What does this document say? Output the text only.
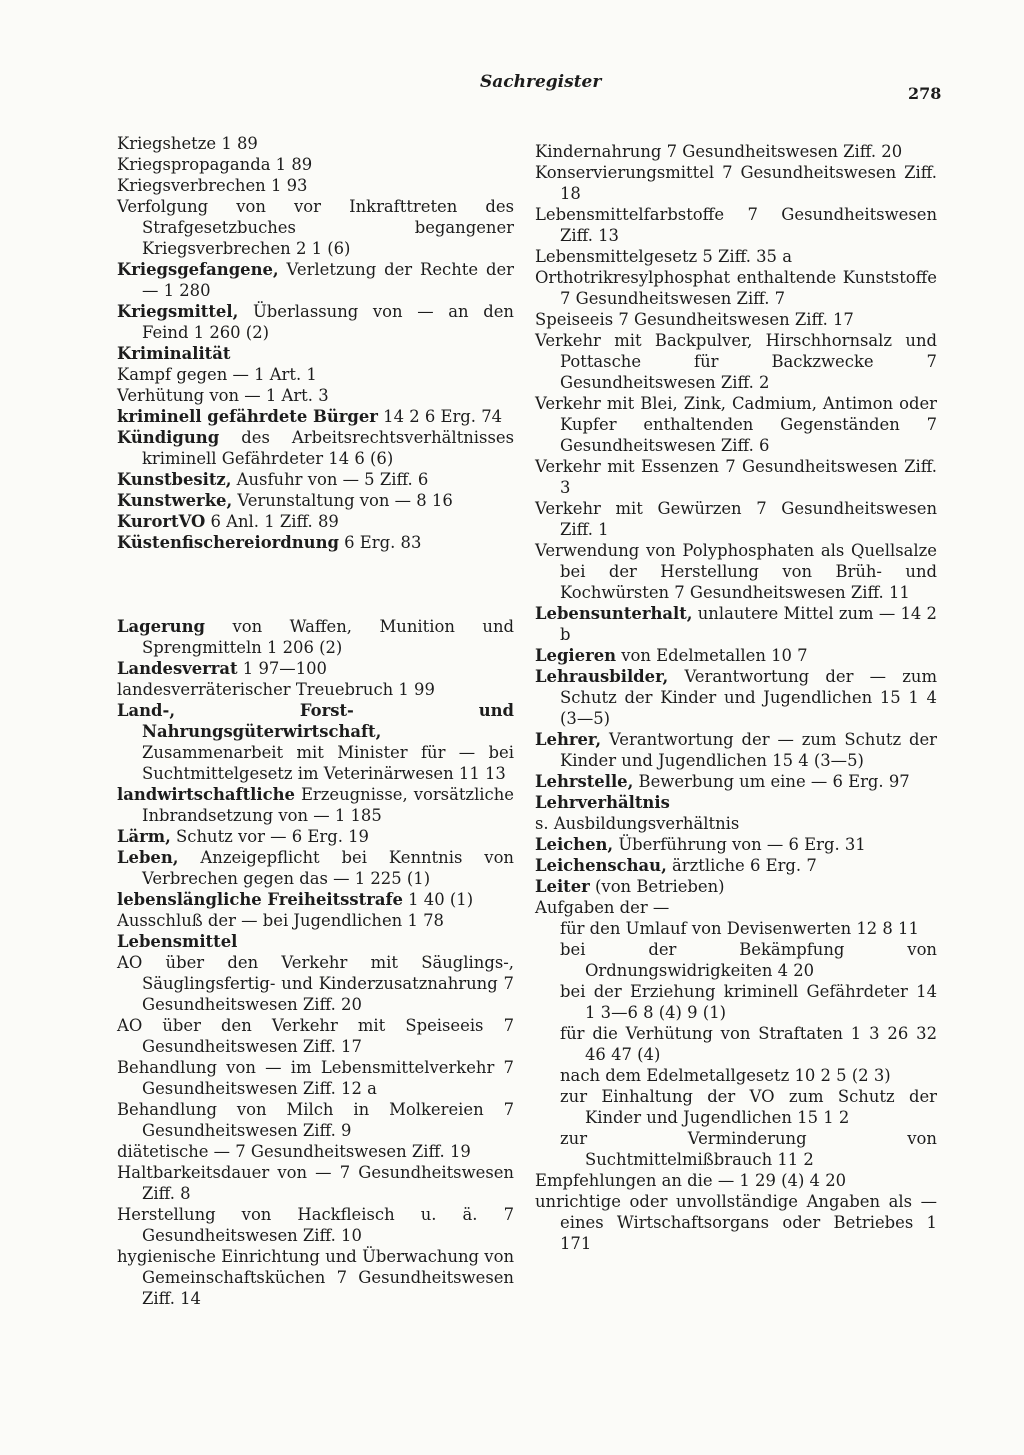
Sachregister
278

Kriegshetze 1 89

Kriegspropaganda 1 89

Kriegsverbrechen 1 93

Verfolgung von vor Inkrafttreten des Strafgesetzbuches begangener Kriegsverbrechen 2 1 (6)

Kriegsgefangene, Verletzung der Rechte der — 1 280

Kriegsmittel, Überlassung von — an den Feind 1 260 (2)

Kriminalität

Kampf gegen — 1 Art. 1

Verhütung von — 1 Art. 3

kriminell gefährdete Bürger 14 2 6 Erg. 74

Kündigung des Arbeitsrechtsverhältnisses kriminell Gefährdeter 14 6 (6)

Kunstbesitz, Ausfuhr von — 5 Ziff. 6

Kunstwerke, Verunstaltung von — 8 16

KurortVO 6 Anl. 1 Ziff. 89

Küstenfischereiordnung 6 Erg. 83

Lagerung von Waffen, Munition und Sprengmitteln 1 206 (2)

Landesverrat 1 97—100

landesverräterischer Treuebruch 1 99

Land-, Forst- und Nahrungsgüterwirtschaft, Zusammenarbeit mit Minister für — bei Suchtmittelgesetz im Veterinärwesen 11 13

landwirtschaftliche Erzeugnisse, vorsätzliche Inbrandsetzung von — 1 185

Lärm, Schutz vor — 6 Erg. 19

Leben, Anzeigepflicht bei Kenntnis von Verbrechen gegen das — 1 225 (1)

lebenslängliche Freiheitsstrafe 1 40 (1)

Ausschluß der — bei Jugendlichen 1 78

Lebensmittel

AO über den Verkehr mit Säuglings-, Säuglingsfertig- und Kinderzusatznahrung 7 Gesundheitswesen Ziff. 20

AO über den Verkehr mit Speiseeis 7 Gesundheitswesen Ziff. 17

Behandlung von — im Lebensmittelverkehr 7 Gesundheitswesen Ziff. 12 a

Behandlung von Milch in Molkereien 7 Gesundheitswesen Ziff. 9

diätetische — 7 Gesundheitswesen Ziff. 19

Haltbarkeitsdauer von — 7 Gesundheitswesen Ziff. 8

Herstellung von Hackfleisch u. ä. 7 Gesundheitswesen Ziff. 10

hygienische Einrichtung und Überwachung von Gemeinschaftsküchen 7 Gesundheitswesen Ziff. 14

Kindernahrung 7 Gesundheitswesen Ziff. 20

Konservierungsmittel 7 Gesundheitswesen Ziff. 18

Lebensmittelfarbstoffe 7 Gesundheitswesen Ziff. 13

Lebensmittelgesetz 5 Ziff. 35 a

Orthotrikresylphosphat enthaltende Kunststoffe 7 Gesundheitswesen Ziff. 7

Speiseeis 7 Gesundheitswesen Ziff. 17

Verkehr mit Backpulver, Hirschhornsalz und Pottasche für Backzwecke 7 Gesundheitswesen Ziff. 2

Verkehr mit Blei, Zink, Cadmium, Antimon oder Kupfer enthaltenden Gegenständen 7 Gesundheitswesen Ziff. 6

Verkehr mit Essenzen 7 Gesundheitswesen Ziff. 3

Verkehr mit Gewürzen 7 Gesundheitswesen Ziff. 1

Verwendung von Polyphosphaten als Quellsalze bei der Herstellung von Brüh- und Kochwürsten 7 Gesundheitswesen Ziff. 11

Lebensunterhalt, unlautere Mittel zum — 14 2 b

Legieren von Edelmetallen 10 7

Lehrausbilder, Verantwortung der — zum Schutz der Kinder und Jugendlichen 15 1 4 (3—5)

Lehrer, Verantwortung der — zum Schutz der Kinder und Jugendlichen 15 4 (3—5)

Lehrstelle, Bewerbung um eine — 6 Erg. 97

Lehrverhältnis

s. Ausbildungsverhältnis

Leichen, Überführung von — 6 Erg. 31

Leichenschau, ärztliche 6 Erg. 7

Leiter (von Betrieben)

Aufgaben der —

für den Umlauf von Devisenwerten 12 8 11

bei der Bekämpfung von Ordnungswidrigkeiten 4 20

bei der Erziehung kriminell Gefährdeter 14 1 3—6 8 (4) 9 (1)

für die Verhütung von Straftaten 1 3 26 32 46 47 (4)

nach dem Edelmetallgesetz 10 2 5 (2 3)

zur Einhaltung der VO zum Schutz der Kinder und Jugendlichen 15 1 2

zur Verminderung von Suchtmittelmißbrauch 11 2

Empfehlungen an die — 1 29 (4) 4 20

unrichtige oder unvollständige Angaben als — eines Wirtschaftsorgans oder Betriebes 1 171
